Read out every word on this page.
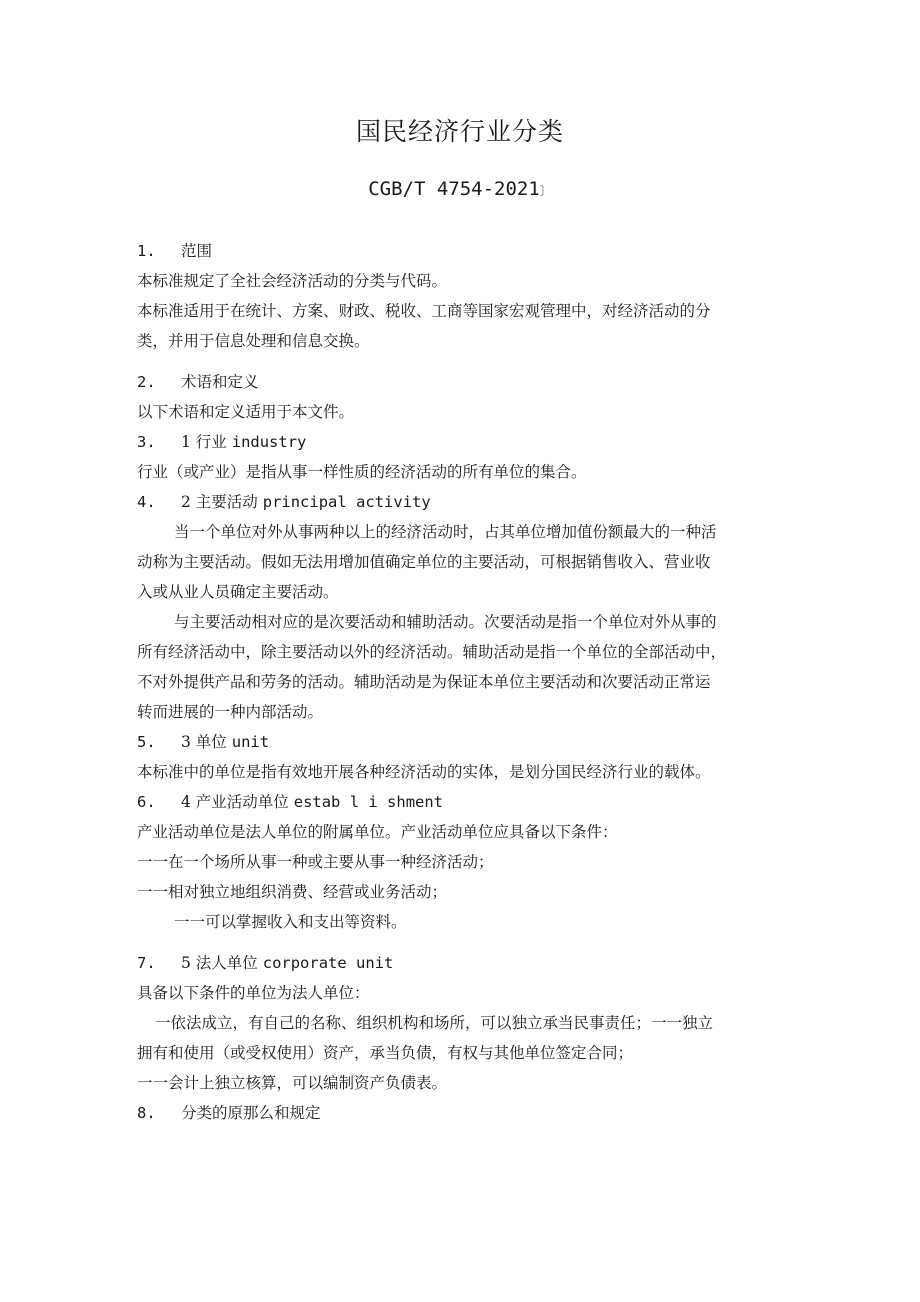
国民经济行业分类
CGB/T 4754-2021〕
1. 范围
本标准规定了全社会经济活动的分类与代码。
本标准适用于在统计、方案、财政、税收、工商等国家宏观管理中，对经济活动的分
类，并用于信息处理和信息交换。
2. 术语和定义
以下术语和定义适用于本文件。
3. 1 行业 industry
行业（或产业）是指从事一样性质的经济活动的所有单位的集合。
4. 2 主要活动 principal activity
当一个单位对外从事两种以上的经济活动时，占其单位增加值份额最大的一种活
动称为主要活动。假如无法用增加值确定单位的主要活动，可根据销售收入、营业收
入或从业人员确定主要活动。
与主要活动相对应的是次要活动和辅助活动。次要活动是指一个单位对外从事的
所有经济活动中，除主要活动以外的经济活动。辅助活动是指一个单位的全部活动中，
不对外提供产品和劳务的活动。辅助活动是为保证本单位主要活动和次要活动正常运
转而进展的一种内部活动。
5. 3 单位 unit
本标准中的单位是指有效地开展各种经济活动的实体，是划分国民经济行业的载体。
6. 4 产业活动单位 estab l i shment
产业活动单位是法人单位的附属单位。产业活动单位应具备以下条件：
一一在一个场所从事一种或主要从事一种经济活动；
一一相对独立地组织消费、经营或业务活动；
一一可以掌握收入和支出等资料。
7. 5 法人单位 corporate unit
具备以下条件的单位为法人单位：
一依法成立，有自己的名称、组织机构和场所，可以独立承当民事责任；一一独立
拥有和使用（或受权使用）资产，承当负债，有权与其他单位签定合同；
一一会计上独立核算，可以编制资产负债表。
8. 分类的原那么和规定
